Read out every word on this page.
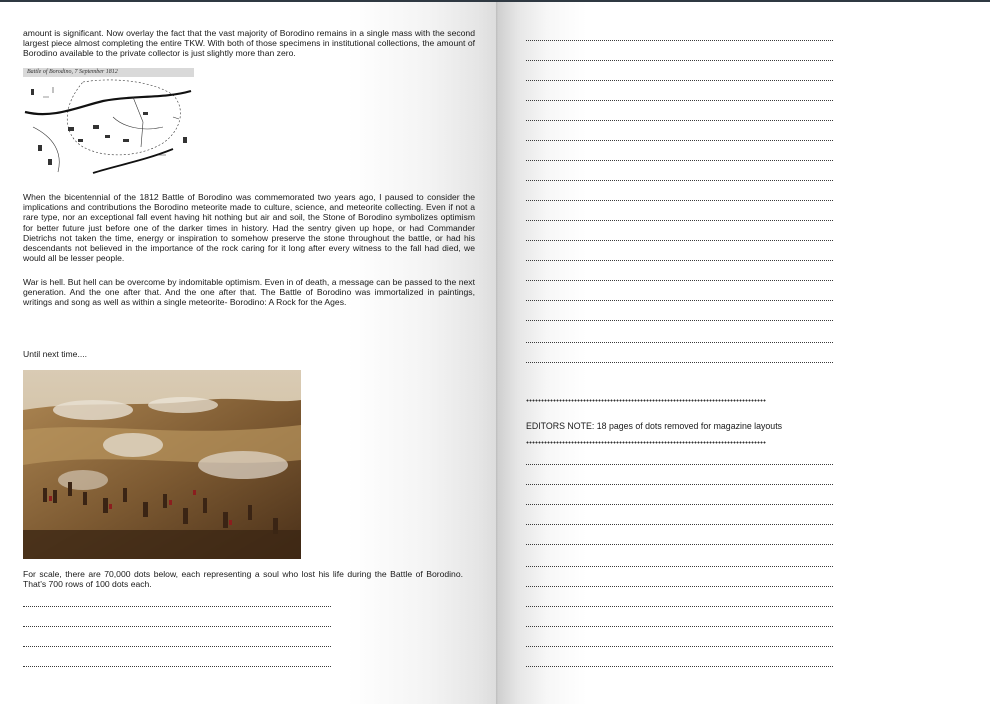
amount is significant. Now overlay the fact that the vast majority of Borodino remains in a single mass with the second largest piece almost completing the entire TKW. With both of those specimens in institutional collections, the amount of Borodino available to the private collector is just slightly more than zero.

Battle of Borodino, 7 September 1812

When the bicentennial of the 1812 Battle of Borodino was commemorated two years ago, I paused to consider the implications and contributions the Borodino meteorite made to culture, science, and meteorite collecting. Even if not a rare type, nor an exceptional fall event having hit nothing but air and soil, the Stone of Borodino symbolizes optimism for better future just before one of the darker times in history. Had the sentry given up hope, or had Commander Dietrichs not taken the time, energy or inspiration to somehow preserve the stone throughout the battle, or had his descendants not believed in the importance of the rock caring for it long after every witness to the fall had died, we would all be lesser people.

War is hell. But hell can be overcome by indomitable optimism. Even in of death, a message can be passed to the next generation. And the one after that. And the one after that. The Battle of Borodino was immortalized in paintings, writings and song as well as within a single meteorite- Borodino: A Rock for the Ages.

Until next time....

For scale, there are 70,000 dots below, each representing a soul who lost his life during the Battle of Borodino. That's 700 rows of 100 dots each.

EDITORS NOTE: 18 pages of dots removed for magazine layouts
